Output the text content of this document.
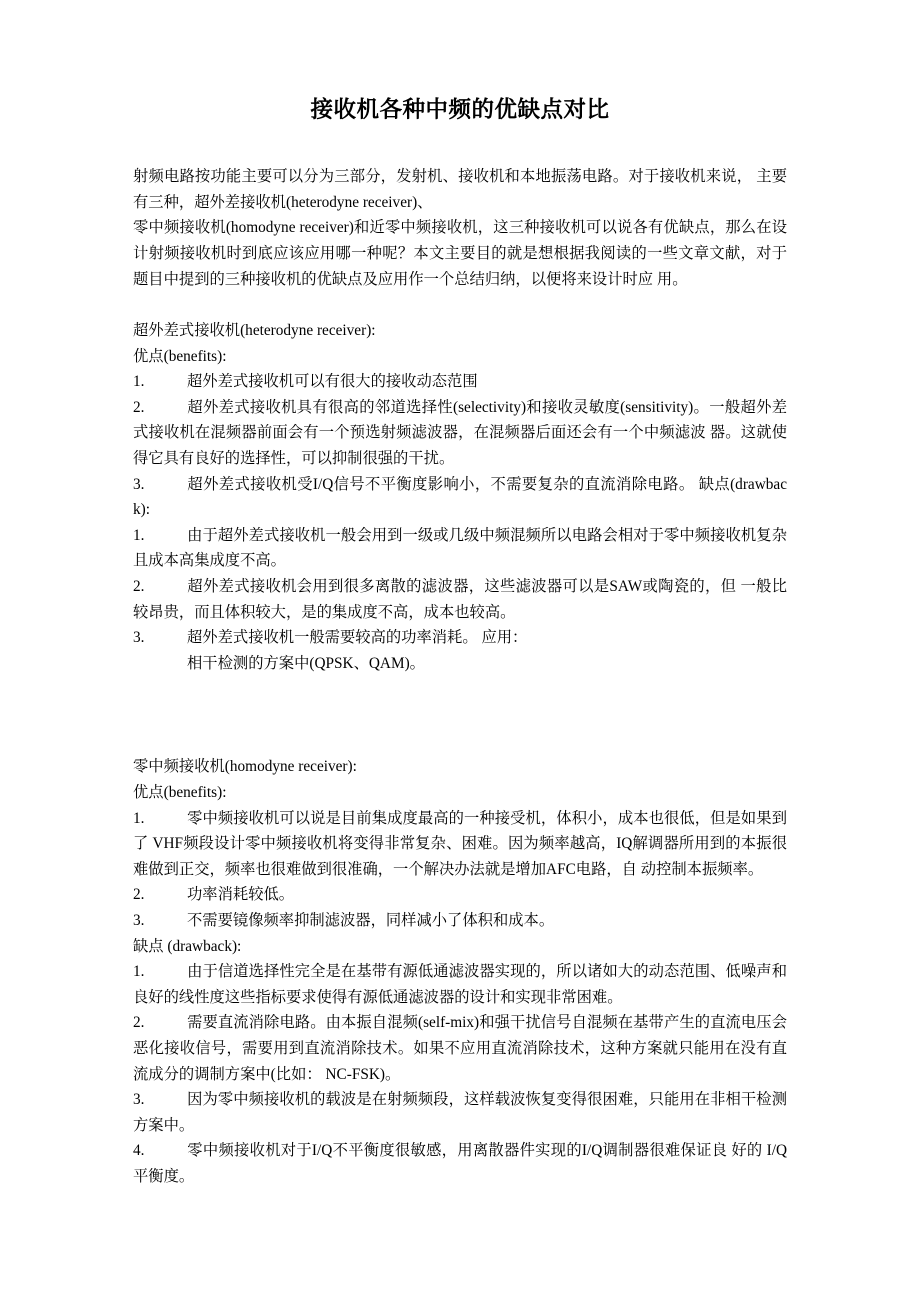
接收机各种中频的优缺点对比

射频电路按功能主要可以分为三部分，发射机、接收机和本地振荡电路。对于接收机来说， 主要有三种，超外差接收机(heterodyne receiver)、

零中频接收机(homodyne receiver)和近零中频接收机，这三种接收机可以说各有优缺点，那么在设计射频接收机时到底应该应用哪一种呢？本文主要目的就是想根据我阅读的一些文章文献，对于题目中提到的三种接收机的优缺点及应用作一个总结归纳，以便将来设计时应 用。

超外差式接收机(heterodyne receiver):

优点(benefits):

1.	超外差式接收机可以有很大的接收动态范围

2.	超外差式接收机具有很高的邻道选择性(selectivity)和接收灵敏度(sensitivity)。一般超外差式接收机在混频器前面会有一个预选射频滤波器，在混频器后面还会有一个中频滤波 器。这就使得它具有良好的选择性，可以抑制很强的干扰。

3.	超外差式接收机受I/Q信号不平衡度影响小，不需要复杂的直流消除电路。 缺点(drawback):

1.	由于超外差式接收机一般会用到一级或几级中频混频所以电路会相对于零中频接收机复杂且成本高集成度不高。

2.	超外差式接收机会用到很多离散的滤波器，这些滤波器可以是SAW或陶瓷的，但 一般比较昂贵，而且体积较大，是的集成度不高，成本也较高。

3.	超外差式接收机一般需要较高的功率消耗。 应用：

相干检测的方案中(QPSK、QAM)。

零中频接收机(homodyne receiver):

优点(benefits):

1.	零中频接收机可以说是目前集成度最高的一种接受机，体积小，成本也很低，但是如果到了 VHF频段设计零中频接收机将变得非常复杂、困难。因为频率越高，IQ解调器所用到的本振很难做到正交，频率也很难做到很准确，一个解决办法就是增加AFC电路，自 动控制本振频率。

2.	功率消耗较低。

3.	不需要镜像频率抑制滤波器，同样减小了体积和成本。

缺点 (drawback):

1.	由于信道选择性完全是在基带有源低通滤波器实现的，所以诸如大的动态范围、低噪声和良好的线性度这些指标要求使得有源低通滤波器的设计和实现非常困难。

2.	需要直流消除电路。由本振自混频(self-mix)和强干扰信号自混频在基带产生的直流电压会恶化接收信号，需要用到直流消除技术。如果不应用直流消除技术，这种方案就只能用在没有直流成分的调制方案中(比如： NC-FSK)。

3.	因为零中频接收机的载波是在射频频段，这样载波恢复变得很困难，只能用在非相干检测方案中。

4.	零中频接收机对于I/Q不平衡度很敏感，用离散器件实现的I/Q调制器很难保证良 好的 I/Q 平衡度。
